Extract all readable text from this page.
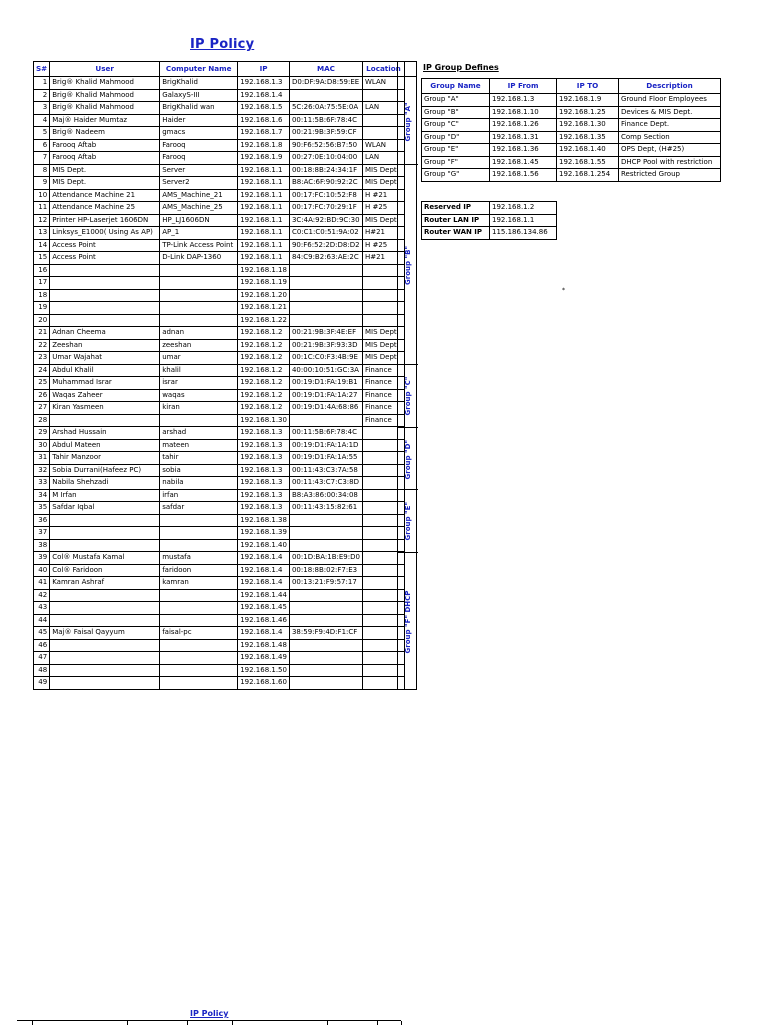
IP Policy
S#	User	Computer Name	IP	MAC	Location
1	Brig® Khalid Mahmood	BrigKhalid	192.168.1.3	D0:DF:9A:D8:59:EE	WLAN
2	Brig® Khalid Mahmood	GalaxyS-III	192.168.1.4		
3	Brig® Khalid Mahmood	BrigKhalid wan	192.168.1.5	5C:26:0A:75:5E:0A	LAN
4	Maj® Haider Mumtaz	Haider	192.168.1.6	00:11:5B:6F:78:4C	
5	Brig® Nadeem	gmacs	192.168.1.7	00:21:9B:3F:59:CF	
6	Farooq Aftab	Farooq	192.168.1.8	90:F6:52:56:B7:50	WLAN
7	Farooq Aftab	Farooq	192.168.1.9	00:27:0E:10:04:00	LAN
8	MIS Dept.	Server	192.168.1.1	00:18:8B:24:34:1F	MIS Dept
9	MIS Dept.	Server2	192.168.1.1	B8:AC:6F:90:92:2C	MIS Dept
10	Attendance Machine 21	AMS_Machine_21	192.168.1.1	00:17:FC:10:52:F8	H #21
11	Attendance Machine 25	AMS_Machine_25	192.168.1.1	00:17:FC:70:29:1F	H #25
12	Printer HP-Laserjet 1606DN	HP_LJ1606DN	192.168.1.1	3C:4A:92:BD:9C:30	MIS Dept
13	Linksys_E1000( Using As AP)	AP_1	192.168.1.1	C0:C1:C0:51:9A:02	H#21
14	Access Point	TP-Link Access Point	192.168.1.1	90:F6:52:2D:D8:D2	H #25
15	Access Point	D-Link DAP-1360	192.168.1.1	84:C9:B2:63:AE:2C	H#21
16			192.168.1.18		
17			192.168.1.19		
18			192.168.1.20		
19			192.168.1.21		
20			192.168.1.22		
21	Adnan Cheema	adnan	192.168.1.2	00:21:9B:3F:4E:EF	MIS Dept
22	Zeeshan	zeeshan	192.168.1.2	00:21:9B:3F:93:3D	MIS Dept
23	Umar Wajahat	umar	192.168.1.2	00:1C:C0:F3:4B:9E	MIS Dept
24	Abdul Khalil	khalil	192.168.1.2	40:00:10:51:GC:3A	Finance
25	Muhammad Israr	israr	192.168.1.2	00:19:D1:FA:19:B1	Finance
26	Waqas Zaheer	waqas	192.168.1.2	00:19:D1:FA:1A:27	Finance
27	Kiran Yasmeen	kiran	192.168.1.2	00:19:D1:4A:68:86	Finance
28			192.168.1.30		Finance
29	Arshad Hussain	arshad	192.168.1.3	00:11:5B:6F:78:4C	
30	Abdul Mateen	mateen	192.168.1.3	00:19:D1:FA:1A:1D	
31	Tahir Manzoor	tahir	192.168.1.3	00:19:D1:FA:1A:55	
32	Sobia Durrani(Hafeez PC)	sobia	192.168.1.3	00:11:43:C3:7A:58	
33	Nabila Shehzadi	nabila	192.168.1.3	00:11:43:C7:C3:8D	
34	M Irfan	irfan	192.168.1.3	B8:A3:86:00:34:08	
35	Safdar Iqbal	safdar	192.168.1.3	00:11:43:15:82:61	
36			192.168.1.38		
37			192.168.1.39		
38			192.168.1.40		
39	Col® Mustafa Kamal	mustafa	192.168.1.4	00:1D:BA:1B:E9:D0	
40	Col® Faridoon	faridoon	192.168.1.4	00:18:8B:02:F7:E3	
41	Kamran Ashraf	kamran	192.168.1.4	00:13:21:F9:57:17	
42			192.168.1.44		
43			192.168.1.45		
44			192.168.1.46		
45	Maj® Faisal Qayyum	faisal-pc	192.168.1.4	38:59:F9:4D:F1:CF	
46			192.168.1.48		
47			192.168.1.49		
48			192.168.1.50		
49			192.168.1.60		
Group "A"
Group "B"
Group "C"
Group "D"
Group "E"
Group "F" DHCP
IP Group Defines
Group Name	IP From	IP TO	Description
Group "A"	192.168.1.3	192.168.1.9	Ground Floor Employees
Group "B"	192.168.1.10	192.168.1.25	Devices & MIS Dept.
Group "C"	192.168.1.26	192.168.1.30	Finance Dept.
Group "D"	192.168.1.31	192.168.1.35	Comp Section
Group "E"	192.168.1.36	192.168.1.40	OPS Dept, (H#25)
Group "F"	192.168.1.45	192.168.1.55	DHCP Pool with restriction
Group "G"	192.168.1.56	192.168.1.254	Restricted Group
Reserved IP	192.168.1.2
Router LAN IP	192.168.1.1
Router WAN IP	115.186.134.86
*
IP Policy
